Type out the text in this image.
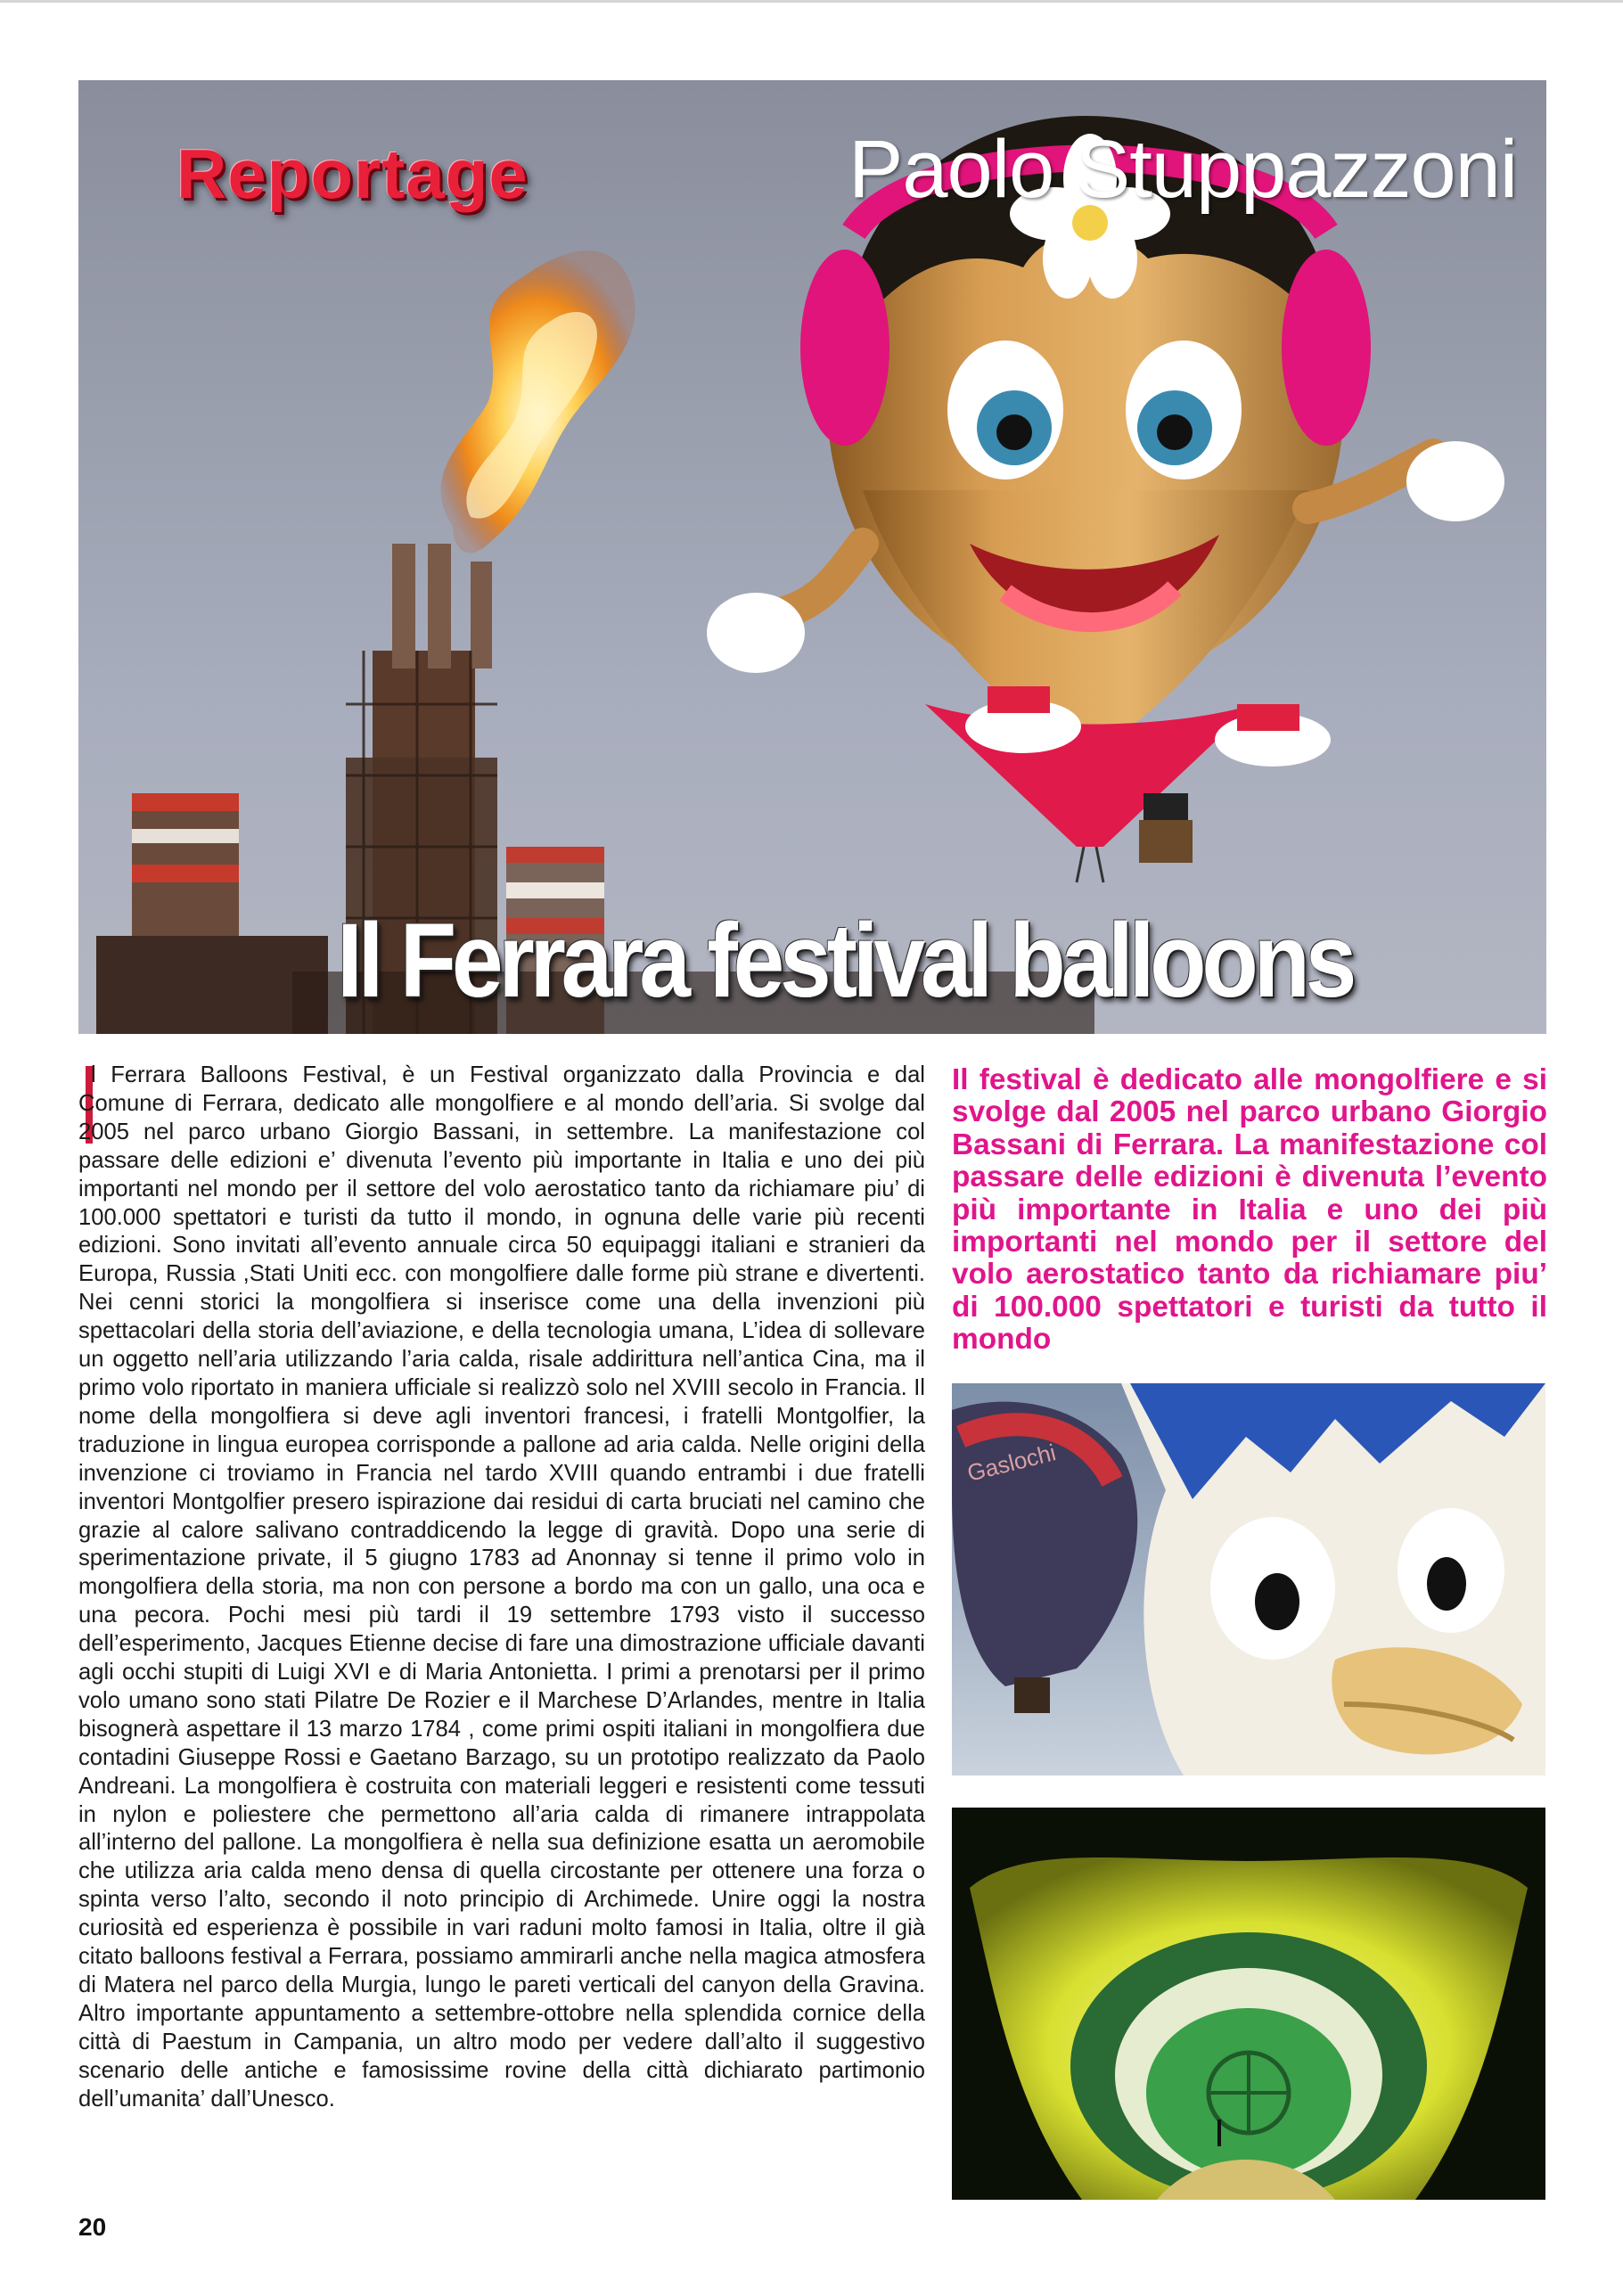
Reportage	Paolo Stuppazzoni
Il Ferrara festival balloons

l Ferrara Balloons Festival, è un Festival organizzato dalla Provincia e dal Comune di Ferrara, dedicato alle mongolfiere e al mondo dell’aria. Si svolge dal 2005 nel parco urbano Giorgio Bassani, in settembre. La manifestazione col passare delle edizioni e’ divenuta l’evento più importante in Italia e uno dei più importanti nel mondo per il settore del volo aerostatico tanto da richiamare piu’ di 100.000 spettatori e turisti da tutto il mondo, in ognuna delle varie più recenti edizioni. Sono invitati all’evento annuale circa 50 equipaggi italiani e stranieri da Europa, Russia ,Stati Uniti ecc. con mongolfiere dalle forme più strane e divertenti. Nei cenni storici la mongolfiera si inserisce come una della invenzioni più spettacolari della storia dell’aviazione, e della tecnologia umana, L’idea di sollevare un oggetto nell’aria utilizzando l’aria calda, risale addirittura nell’antica Cina, ma il primo volo riportato in maniera ufficiale si realizzò solo nel XVIII secolo in Francia. Il nome della mongolfiera si deve agli inventori francesi, i fratelli Montgolfier, la traduzione in lingua europea corrisponde a pallone ad aria calda. Nelle origini della invenzione ci troviamo in Francia nel tardo XVIII quando entrambi i due fratelli inventori Montgolfier presero ispirazione dai residui di carta bruciati nel camino che grazie al calore salivano contraddicendo la legge di gravità. Dopo una serie di sperimentazione private, il 5 giugno 1783 ad Anonnay si tenne il primo volo in mongolfiera della storia, ma non con persone a bordo ma con un gallo, una oca e una pecora. Pochi mesi più tardi il 19 settembre 1793 visto il successo dell’esperimento, Jacques Etienne decise di fare una dimostrazione ufficiale davanti agli occhi stupiti di Luigi XVI e di Maria Antonietta. I primi a prenotarsi per il primo volo umano sono stati Pilatre De Rozier e il Marchese D’Arlandes, mentre in Italia bisognerà aspettare il 13 marzo 1784 , come primi ospiti italiani in mongolfiera due contadini Giuseppe Rossi e Gaetano Barzago, su un prototipo realizzato da Paolo Andreani. La mongolfiera è costruita con materiali leggeri e resistenti come tessuti in nylon e poliestere che permettono all’aria calda di rimanere intrappolata all’interno del pallone. La mongolfiera è nella sua definizione esatta un aeromobile che utilizza aria calda meno densa di quella circostante per ottenere una forza o spinta verso l’alto, secondo il noto principio di Archimede. Unire oggi la nostra curiosità ed esperienza è possibile in vari raduni molto famosi in Italia, oltre il già citato balloons festival a Ferrara, possiamo ammirarli anche nella magica atmosfera di Matera nel parco della Murgia, lungo le pareti verticali del canyon della Gravina. Altro importante appuntamento a settembre-ottobre nella splendida cornice della città di Paestum in Campania, un altro modo per vedere dall’alto il suggestivo scenario delle antiche e famosissime rovine della città dichiarato partimonio dell’umanita’ dall’Unesco.

Il festival è dedicato alle mongolfiere e si svolge dal 2005 nel parco urbano Giorgio Bassani di Ferrara. La manifestazione col passare delle edizioni è divenuta l’evento più importante in Italia e uno dei più importanti nel mondo per il settore del volo aerostatico tanto da richiamare piu’ di 100.000 spettatori e turisti da tutto il mondo

Gaslochi
20
